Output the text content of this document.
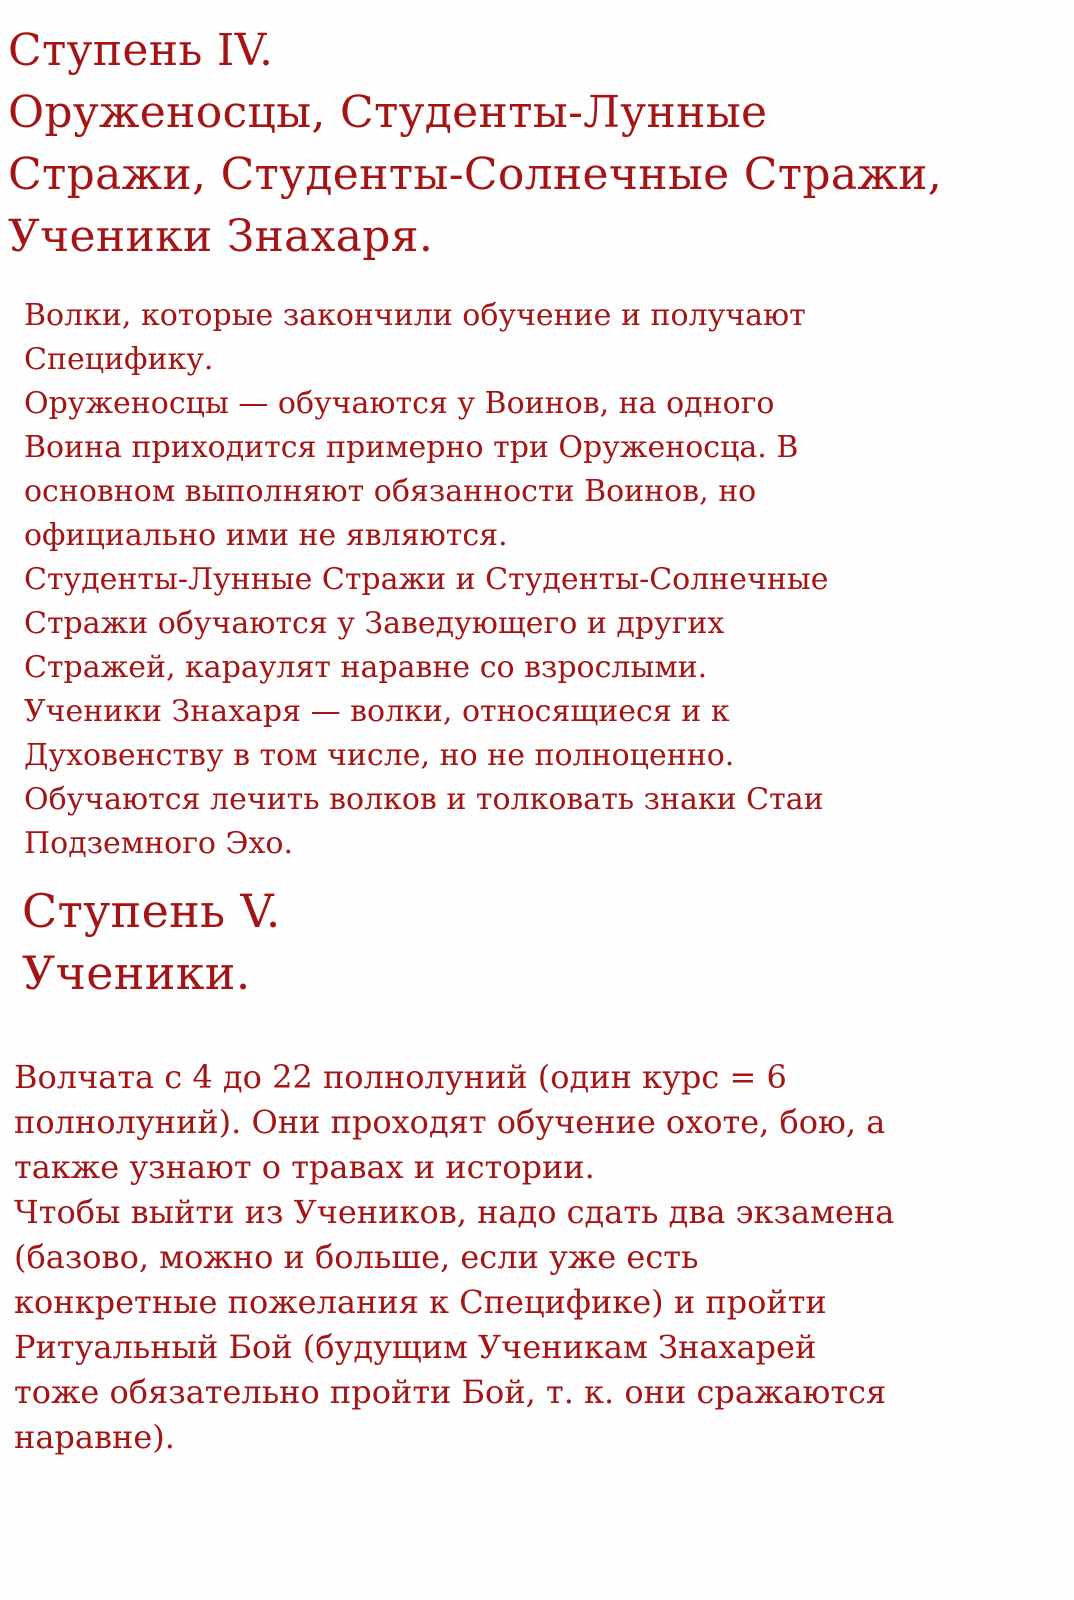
Ступень IV.
Оруженосцы, Студенты-Лунные
Стражи, Студенты-Солнечные Стражи,
Ученики Знахаря.
Волки, которые закончили обучение и получают
Специфику.
Оруженосцы — обучаются у Воинов, на одного
Воина приходится примерно три Оруженосца. В
основном выполняют обязанности Воинов, но
официально ими не являются.
Студенты-Лунные Стражи и Студенты-Солнечные
Стражи обучаются у Заведующего и других
Стражей, караулят наравне со взрослыми.
Ученики Знахаря — волки, относящиеся и к
Духовенству в том числе, но не полноценно.
Обучаются лечить волков и толковать знаки Стаи
Подземного Эхо.
Ступень V.
Ученики.
Волчата с 4 до 22 полнолуний (один курс = 6
полнолуний). Они проходят обучение охоте, бою, а
также узнают о травах и истории.
Чтобы выйти из Учеников, надо сдать два экзамена
(базово, можно и больше, если уже есть
конкретные пожелания к Специфике) и пройти
Ритуальный Бой (будущим Ученикам Знахарей
тоже обязательно пройти Бой, т. к. они сражаются
наравне).
